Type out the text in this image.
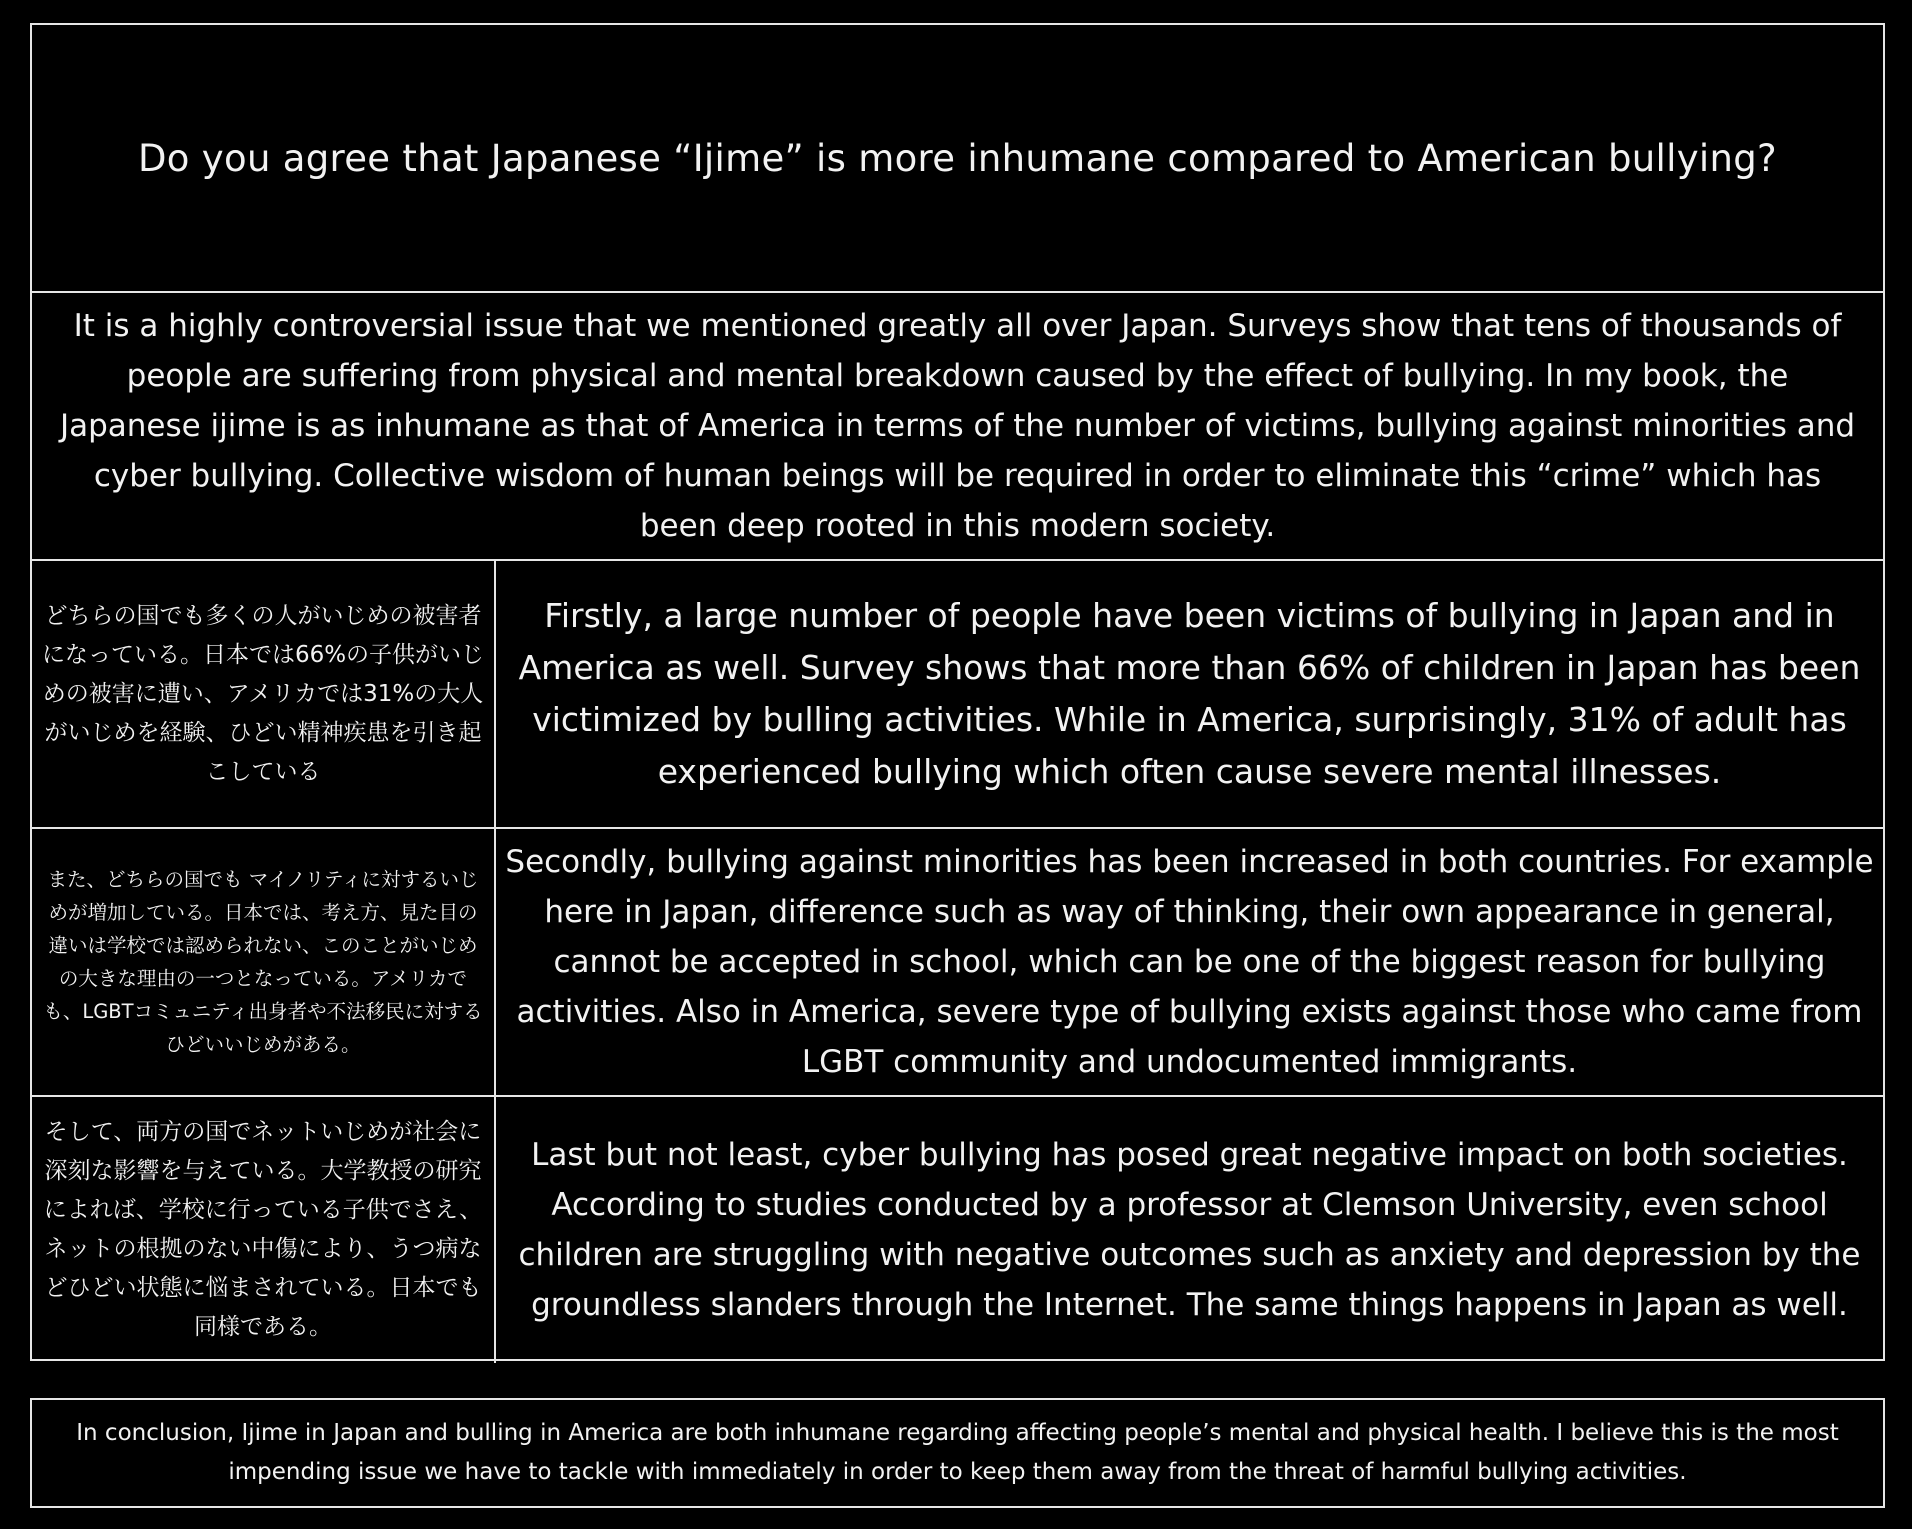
Do you agree that Japanese “Ijime” is more inhumane compared to American bullying?
It is a highly controversial issue that we mentioned greatly all over Japan. Surveys show that tens of thousands of people are suffering from physical and mental breakdown caused by the effect of bullying. In my book, the Japanese ijime is as inhumane as that of America in terms of the number of victims, bullying against minorities and cyber bullying. Collective wisdom of human beings will be required in order to eliminate this “crime” which has been deep rooted in this modern society.
どちらの国でも多くの人がいじめの被害者になっている。日本では66%の子供がいじめの被害に遭い、アメリカでは31%の大人がいじめを経験、ひどい精神疾患を引き起こしている
Firstly, a large number of people have been victims of bullying in Japan and in America as well. Survey shows that more than 66% of children in Japan has been victimized by bulling activities. While in America, surprisingly, 31% of adult has experienced bullying which often cause severe mental illnesses.
また、どちらの国でも マイノリティに対するいじめが増加している。日本では、考え方、見た目の違いは学校では認められない、このことがいじめの大きな理由の一つとなっている。アメリカでも、LGBTコミュニティ出身者や不法移民に対するひどいいじめがある。
Secondly, bullying against minorities has been increased in both countries. For example here in Japan, difference such as way of thinking, their own appearance in general, cannot be accepted in school, which can be one of the biggest reason for bullying activities. Also in America, severe type of bullying exists against those who came from LGBT community and undocumented immigrants.
そして、両方の国でネットいじめが社会に深刻な影響を与えている。大学教授の研究によれば、学校に行っている子供でさえ、ネットの根拠のない中傷により、うつ病などひどい状態に悩まされている。日本でも同様である。
Last but not least, cyber bullying has posed great negative impact on both societies. According to studies conducted by a professor at Clemson University, even school children are struggling with negative outcomes such as anxiety and depression by the groundless slanders through the Internet. The same things happens in Japan as well.
In conclusion, Ijime in Japan and bulling in America are both inhumane regarding affecting people’s mental and physical health. I believe this is the most impending issue we have to tackle with immediately in order to keep them away from the threat of harmful bullying activities.
